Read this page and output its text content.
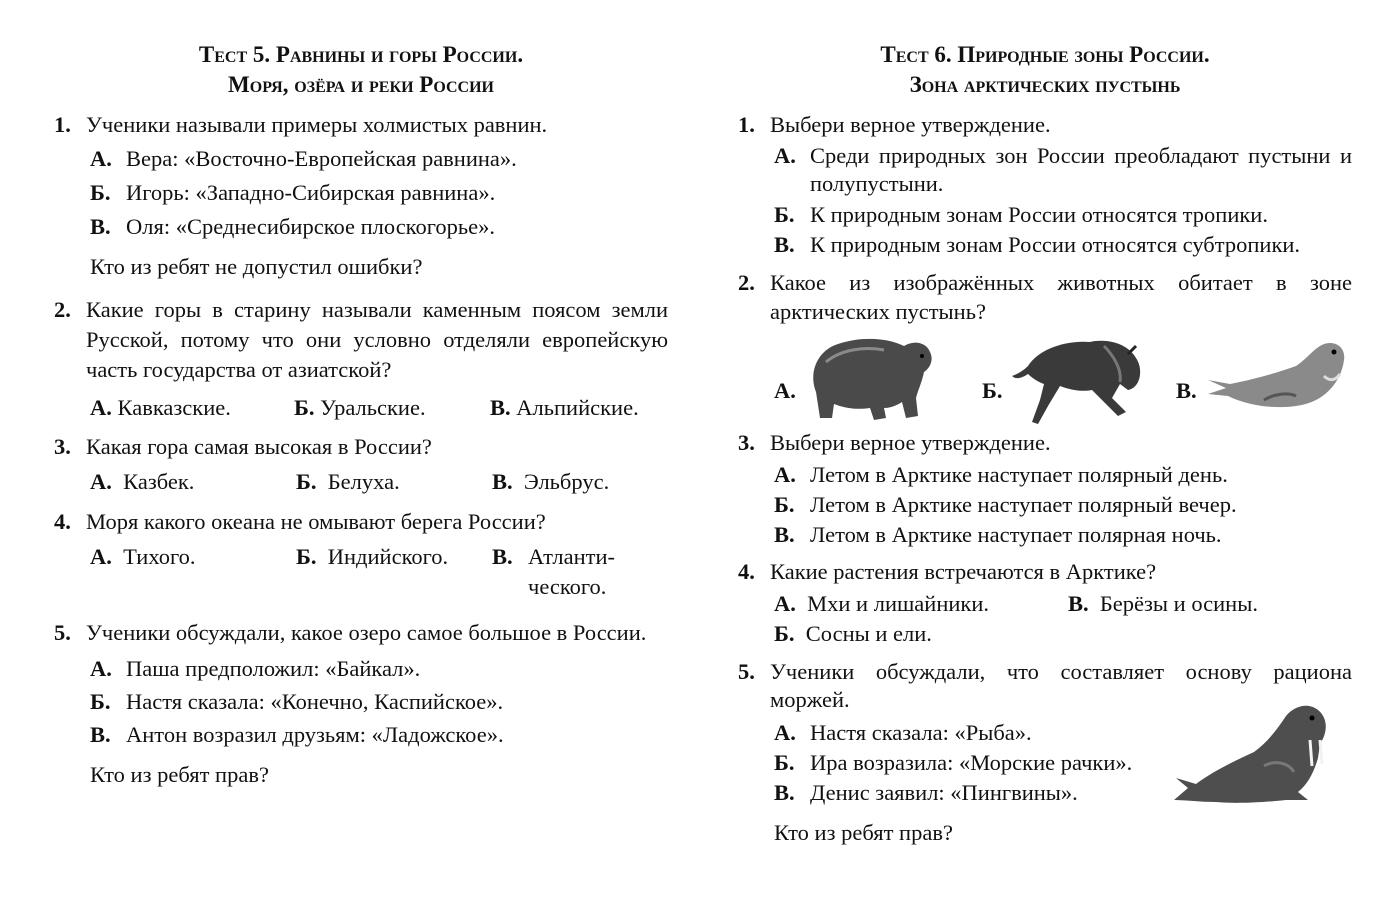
Тест 5. Равнины и горы России.
Моря, озёра и реки России
1. Ученики называли примеры холмистых равнин.
А. Вера: «Восточно-Европейская равнина».
Б. Игорь: «Западно-Сибирская равнина».
В. Оля: «Среднесибирское плоскогорье».
Кто из ребят не допустил ошибки?
2. Какие горы в старину называли каменным поясом земли Русской, потому что они условно отделяли европейскую часть государства от азиатской?
А. Кавказские.	Б. Уральские.	В. Альпийские.
3. Какая гора самая высокая в России?
А. Казбек.	Б. Белуха.	В. Эльбрус.
4. Моря какого океана не омывают берега России?
А. Тихого.	Б. Индийского.	В. Атланти-
ческого.
5. Ученики обсуждали, какое озеро самое большое в России.
А. Паша предположил: «Байкал».
Б. Настя сказала: «Конечно, Каспийское».
В. Антон возразил друзьям: «Ладожское».
Кто из ребят прав?
Тест 6. Природные зоны России.
Зона арктических пустынь
1. Выбери верное утверждение.
А. Среди природных зон России преобладают пустыни и полупустыни.
Б. К природным зонам России относятся тропики.
В. К природным зонам России относятся субтропики.
2. Какое из изображённых животных обитает в зоне арктических пустынь?
А.	Б.	В.
3. Выбери верное утверждение.
А. Летом в Арктике наступает полярный день.
Б. Летом в Арктике наступает полярный вечер.
В. Летом в Арктике наступает полярная ночь.
4. Какие растения встречаются в Арктике?
А. Мхи и лишайники.	В. Берёзы и осины.
Б. Сосны и ели.
5. Ученики обсуждали, что составляет основу рациона моржей.
А. Настя сказала: «Рыба».
Б. Ира возразила: «Морские рачки».
В. Денис заявил: «Пингвины».
Кто из ребят прав?
